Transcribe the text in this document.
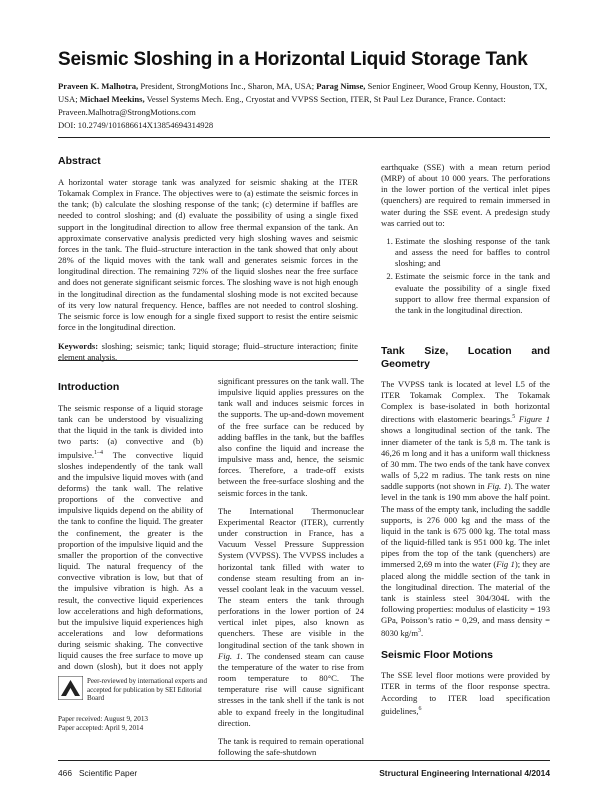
Seismic Sloshing in a Horizontal Liquid Storage Tank
Praveen K. Malhotra, President, StrongMotions Inc., Sharon, MA, USA; Parag Nimse, Senior Engineer, Wood Group Kenny, Houston, TX, USA; Michael Meekins, Vessel Systems Mech. Eng., Cryostat and VVPSS Section, ITER, St Paul Lez Durance, France. Contact: Praveen.Malhotra@StrongMotions.com
DOI: 10.2749/101686614X13854694314928
Abstract

A horizontal water storage tank was analyzed for seismic shaking at the ITER Tokamak Complex in France. The objectives were to (a) estimate the seismic forces in the tank; (b) calculate the sloshing response of the tank; (c) determine if baffles are needed to control sloshing; and (d) evaluate the possibility of using a single fixed support in the longitudinal direction to allow free thermal expansion of the tank. An approximate conservative analysis predicted very high sloshing waves and seismic forces in the tank. The fluid–structure interaction in the tank showed that only about 28% of the liquid moves with the tank wall and generates seismic forces in the longitudinal direction. The remaining 72% of the liquid sloshes near the free surface and does not generate significant seismic forces. The sloshing wave is not high enough in the longitudinal direction as the fundamental sloshing mode is not excited because of its very low natural frequency. Hence, baffles are not needed to control sloshing. The seismic force is low enough for a single fixed support to resist the entire seismic force in the longitudinal direction.

Keywords: sloshing; seismic; tank; liquid storage; fluid–structure interaction; finite element analysis.

earthquake (SSE) with a mean return period (MRP) of about 10 000 years. The perforations in the lower portion of the vertical inlet pipes (quenchers) are required to remain immersed in water during the SSE event. A predesign study was carried out to:

1. Estimate the sloshing response of the tank and assess the need for baffles to control sloshing; and
2. Estimate the seismic force in the tank and evaluate the possibility of a single fixed support to allow free thermal expansion of the tank in the longitudinal direction.
Introduction

The seismic response of a liquid storage tank can be understood by visualizing that the liquid in the tank is divided into two parts: (a) convective and (b) impulsive.$^{1-4}$ The convective liquid sloshes independently of the tank wall and the impulsive liquid moves with (and deforms) the tank wall. The relative proportions of the convective and impulsive liquids depend on the ability of the tank to confine the liquid. The greater the confinement, the greater is the proportion of the impulsive liquid and the smaller the proportion of the convective liquid. The natural frequency of the convective vibration is low, but that of the impulsive vibration is high. As a result, the convective liquid experiences low accelerations and high deformations, but the impulsive liquid experiences high accelerations and low deformations during seismic shaking. The convective liquid causes the free surface to move up and down (slosh), but it does not apply

significant pressures on the tank wall. The impulsive liquid applies pressures on the tank wall and induces seismic forces in the supports. The up-and-down movement of the free surface can be reduced by adding baffles in the tank, but the baffles also confine the liquid and increase the impulsive mass and, hence, the seismic forces. Therefore, a trade-off exists between the free-surface sloshing and the seismic forces in the tank.

The International Thermonuclear Experimental Reactor (ITER), currently under construction in France, has a Vacuum Vessel Pressure Suppression System (VVPSS). The VVPSS includes a horizontal tank filled with water to condense steam resulting from an in-vessel coolant leak in the vacuum vessel. The steam enters the tank through perforations in the lower portion of 24 vertical inlet pipes, also known as quenchers. These are visible in the longitudinal section of the tank shown in Fig. 1. The condensed steam can cause the temperature of the water to rise from room temperature to 80°C. The temperature rise will cause significant stresses in the tank shell if the tank is not able to expand freely in the longitudinal direction.

The tank is required to remain operational following the safe-shutdown

Tank Size, Location and Geometry

The VVPSS tank is located at level L5 of the ITER Tokamak Complex. The Tokamak Complex is base-isolated in both horizontal directions with elastomeric bearings.$^5$ Figure 1 shows a longitudinal section of the tank. The inner diameter of the tank is 5,8 m. The tank is 46,26 m long and it has a uniform wall thickness of 30 mm. The two ends of the tank have convex walls of 5,22 m radius. The tank rests on nine saddle supports (not shown in Fig. 1). The water level in the tank is 190 mm above the half point. The mass of the empty tank, including the saddle supports, is 276 000 kg and the mass of the liquid in the tank is 675 000 kg. The total mass of the liquid-filled tank is 951 000 kg. The inlet pipes from the top of the tank (quenchers) are immersed 2,69 m into the water (Fig 1); they are placed along the middle section of the tank in the longitudinal direction. The material of the tank is stainless steel 304/304L with the following properties: modulus of elasticity = 193 GPa, Poisson’s ratio = 0,29, and mass density = 8030 $kg/m^3$.

Seismic Floor Motions

The SSE level floor motions were provided by ITER in terms of the floor response spectra. According to ITER load specification guidelines,$^6$

Peer-reviewed by international experts and accepted for publication by SEI Editorial Board
Paper received: August 9, 2013
Paper accepted: April 9, 2014
466 Scientific Paper	Structural Engineering International 4/2014
